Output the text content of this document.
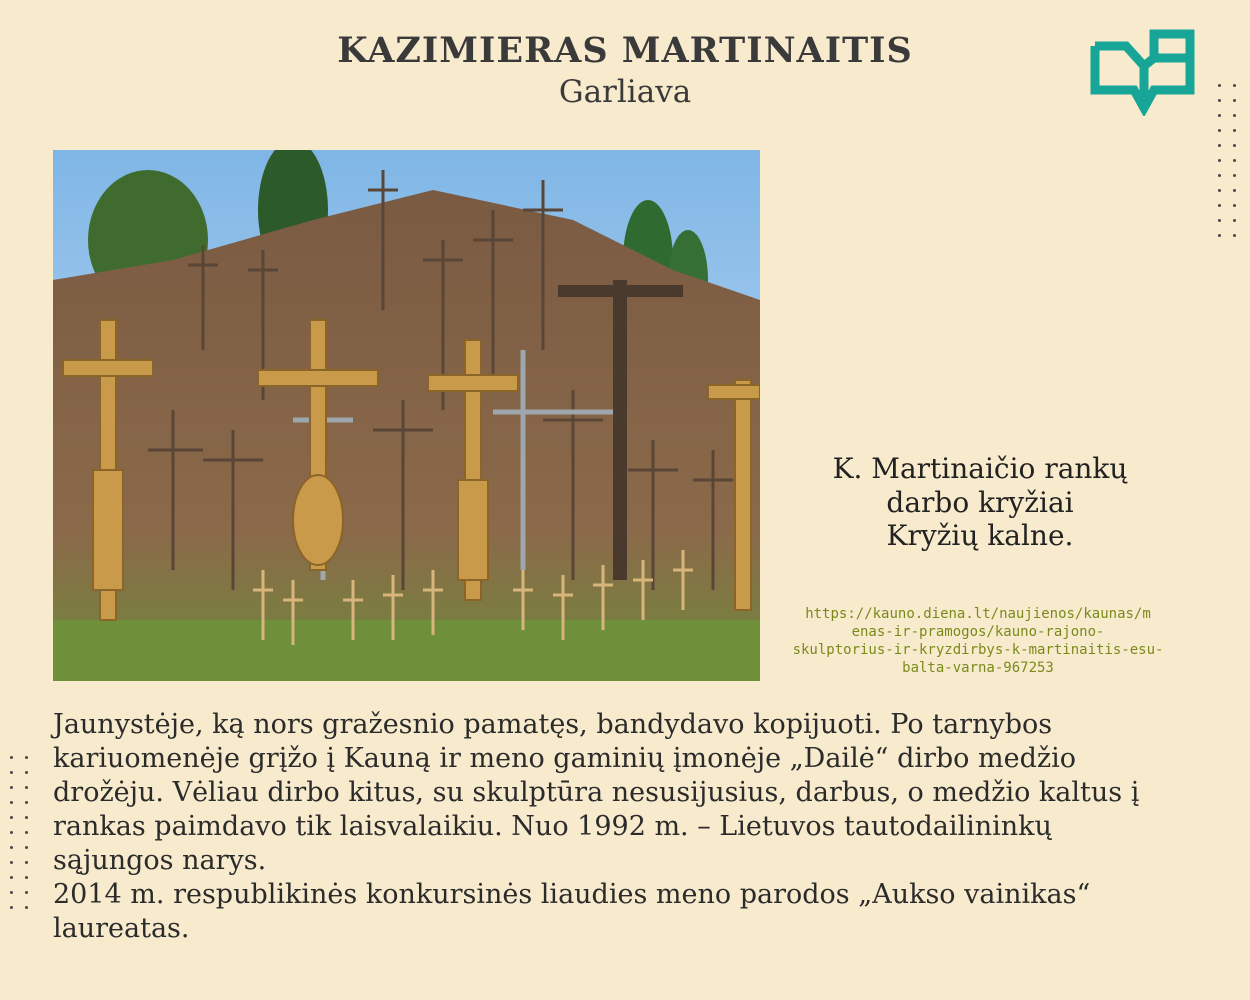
KAZIMIERAS MARTINAITIS
Garliava
K. Martinaičio rankų
darbo kryžiai
Kryžių kalne.
https://kauno.diena.lt/naujienos/kaunas/m
enas-ir-pramogos/kauno-rajono-
skulptorius-ir-kryzdirbys-k-martinaitis-esu-
balta-varna-967253
Jaunystėje, ką nors gražesnio pamatęs, bandydavo kopijuoti. Po tarnybos
kariuomenėje grįžo į Kauną ir meno gaminių įmonėje „Dailė“ dirbo medžio
drožėju. Vėliau dirbo kitus, su skulptūra nesusijusius, darbus, o medžio kaltus į
rankas paimdavo tik laisvalaikiu. Nuo 1992 m. – Lietuvos tautodailininkų
sąjungos narys.
2014 m. respublikinės konkursinės liaudies meno parodos „Aukso vainikas“
laureatas.
